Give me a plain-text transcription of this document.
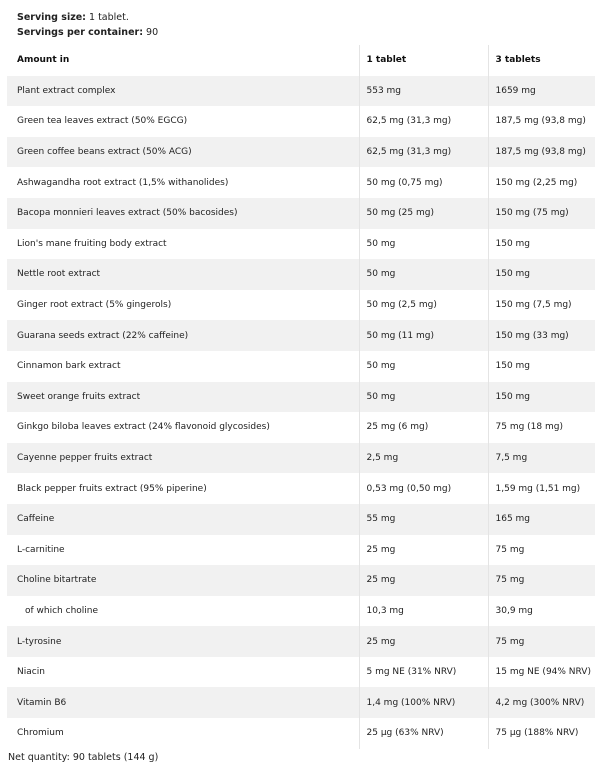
Serving size: 1 tablet.
Servings per container: 90
Amount in	1 tablet	3 tablets
Plant extract complex	553 mg	1659 mg
Green tea leaves extract (50% EGCG)	62,5 mg (31,3 mg)	187,5 mg (93,8 mg)
Green coffee beans extract (50% ACG)	62,5 mg (31,3 mg)	187,5 mg (93,8 mg)
Ashwagandha root extract (1,5% withanolides)	50 mg (0,75 mg)	150 mg (2,25 mg)
Bacopa monnieri leaves extract (50% bacosides)	50 mg (25 mg)	150 mg (75 mg)
Lion's mane fruiting body extract	50 mg	150 mg
Nettle root extract	50 mg	150 mg
Ginger root extract (5% gingerols)	50 mg (2,5 mg)	150 mg (7,5 mg)
Guarana seeds extract (22% caffeine)	50 mg (11 mg)	150 mg (33 mg)
Cinnamon bark extract	50 mg	150 mg
Sweet orange fruits extract	50 mg	150 mg
Ginkgo biloba leaves extract (24% flavonoid glycosides)	25 mg (6 mg)	75 mg (18 mg)
Cayenne pepper fruits extract	2,5 mg	7,5 mg
Black pepper fruits extract (95% piperine)	0,53 mg (0,50 mg)	1,59 mg (1,51 mg)
Caffeine	55 mg	165 mg
L-carnitine	25 mg	75 mg
Choline bitartrate	25 mg	75 mg
of which choline	10,3 mg	30,9 mg
L-tyrosine	25 mg	75 mg
Niacin	5 mg NE (31% NRV)	15 mg NE (94% NRV)
Vitamin B6	1,4 mg (100% NRV)	4,2 mg (300% NRV)
Chromium	25 µg (63% NRV)	75 µg (188% NRV)
Net quantity: 90 tablets (144 g)
